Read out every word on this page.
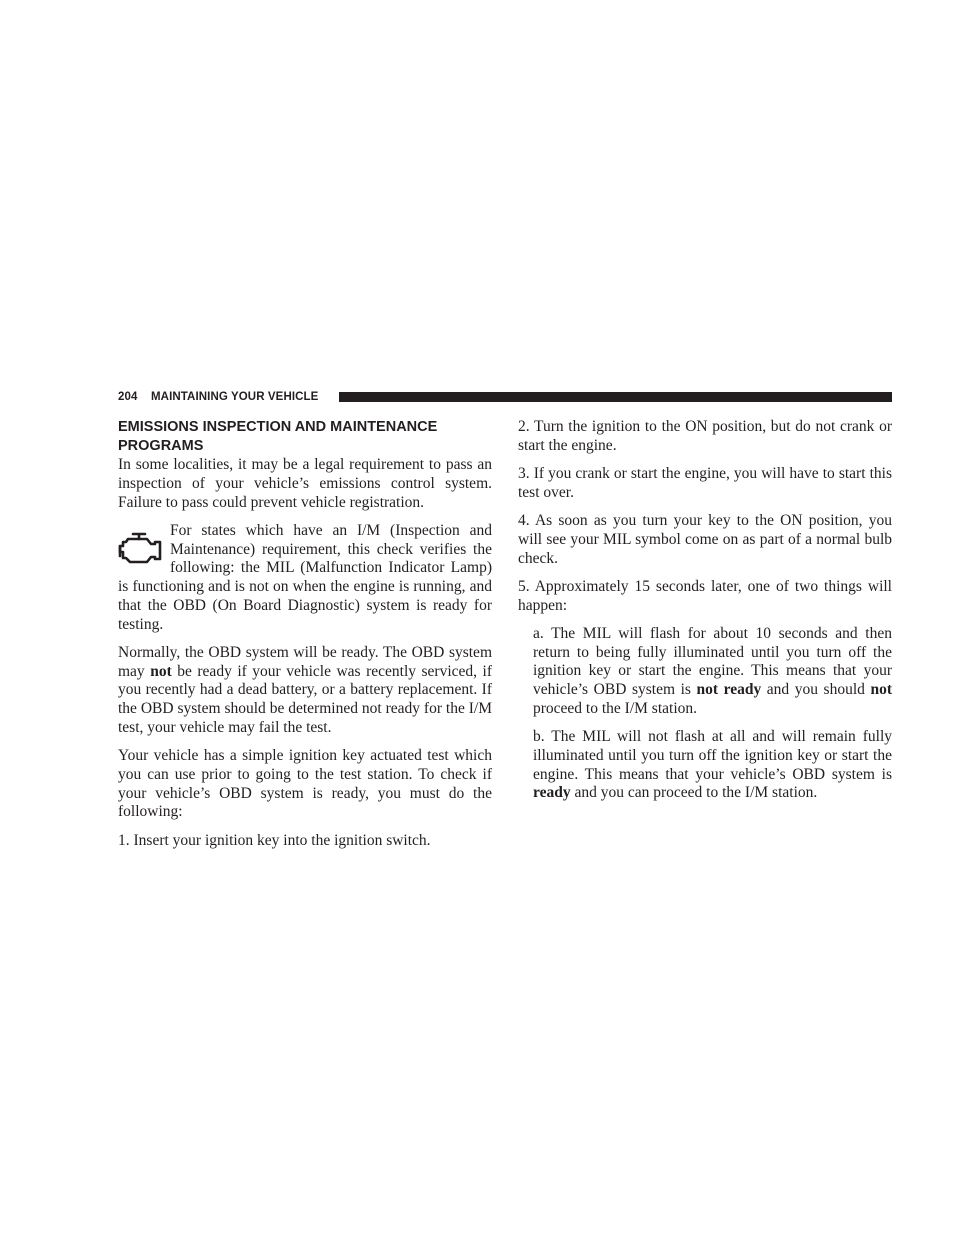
204 MAINTAINING YOUR VEHICLE
EMISSIONS INSPECTION AND MAINTENANCE
PROGRAMS

In some localities, it may be a legal requirement to pass an inspection of your vehicle’s emissions control system. Failure to pass could prevent vehicle registration.

For states which have an I/M (Inspection and Maintenance) requirement, this check verifies the following: the MIL (Malfunction Indicator Lamp) is functioning and is not on when the engine is running, and that the OBD (On Board Diagnostic) system is ready for testing.

Normally, the OBD system will be ready. The OBD system may not be ready if your vehicle was recently serviced, if you recently had a dead battery, or a battery replacement. If the OBD system should be determined not ready for the I/M test, your vehicle may fail the test.

Your vehicle has a simple ignition key actuated test which you can use prior to going to the test station. To check if your vehicle’s OBD system is ready, you must do the following:

1. Insert your ignition key into the ignition switch.

2. Turn the ignition to the ON position, but do not crank or start the engine.

3. If you crank or start the engine, you will have to start this test over.

4. As soon as you turn your key to the ON position, you will see your MIL symbol come on as part of a normal bulb check.

5. Approximately 15 seconds later, one of two things will happen:

a. The MIL will flash for about 10 seconds and then return to being fully illuminated until you turn off the ignition key or start the engine. This means that your vehicle’s OBD system is not ready and you should not proceed to the I/M station.

b. The MIL will not flash at all and will remain fully illuminated until you turn off the ignition key or start the engine. This means that your vehicle’s OBD system is ready and you can proceed to the I/M station.
